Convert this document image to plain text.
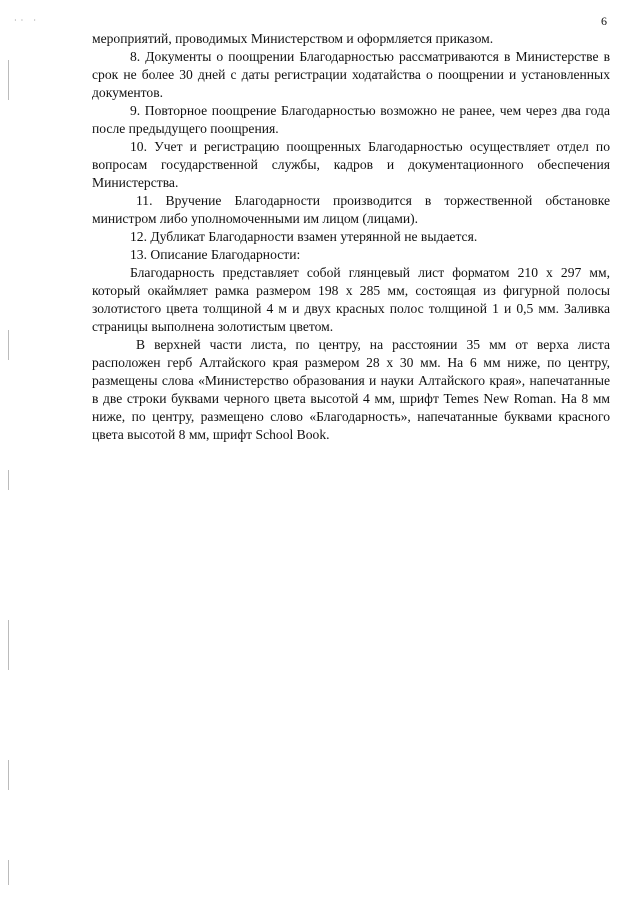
·  ·     ·	6

мероприятий, проводимых Министерством и оформляется приказом.

8. Документы о поощрении Благодарностью рассматриваются в Министерстве в срок не более 30 дней с даты регистрации ходатайства о поощрении и установленных документов.

9. Повторное поощрение Благодарностью возможно не ранее, чем через два года после предыдущего поощрения.

10. Учет и регистрацию поощренных Благодарностью осуществляет отдел по вопросам государственной службы, кадров и документационного обеспечения Министерства.

11. Вручение Благодарности производится в торжественной обстановке министром либо уполномоченными им лицом (лицами).

12. Дубликат Благодарности взамен утерянной не выдается.

13. Описание Благодарности:

Благодарность представляет собой глянцевый лист форматом 210 х 297 мм, который окаймляет рамка размером 198 х 285 мм, состоящая из фигурной полосы золотистого цвета толщиной 4 м и двух красных полос толщиной 1 и 0,5 мм. Заливка страницы выполнена золотистым цветом.

В верхней части листа, по центру, на расстоянии 35 мм от верха листа расположен герб Алтайского края размером 28 х 30 мм. На 6 мм ниже, по центру, размещены слова «Министерство образования и науки Алтайского края», напечатанные в две строки буквами черного цвета высотой 4 мм, шрифт Temes New Roman. На 8 мм ниже, по центру, размещено слово «Благодарность», напечатанные буквами красного цвета высотой 8 мм, шрифт School Book.
